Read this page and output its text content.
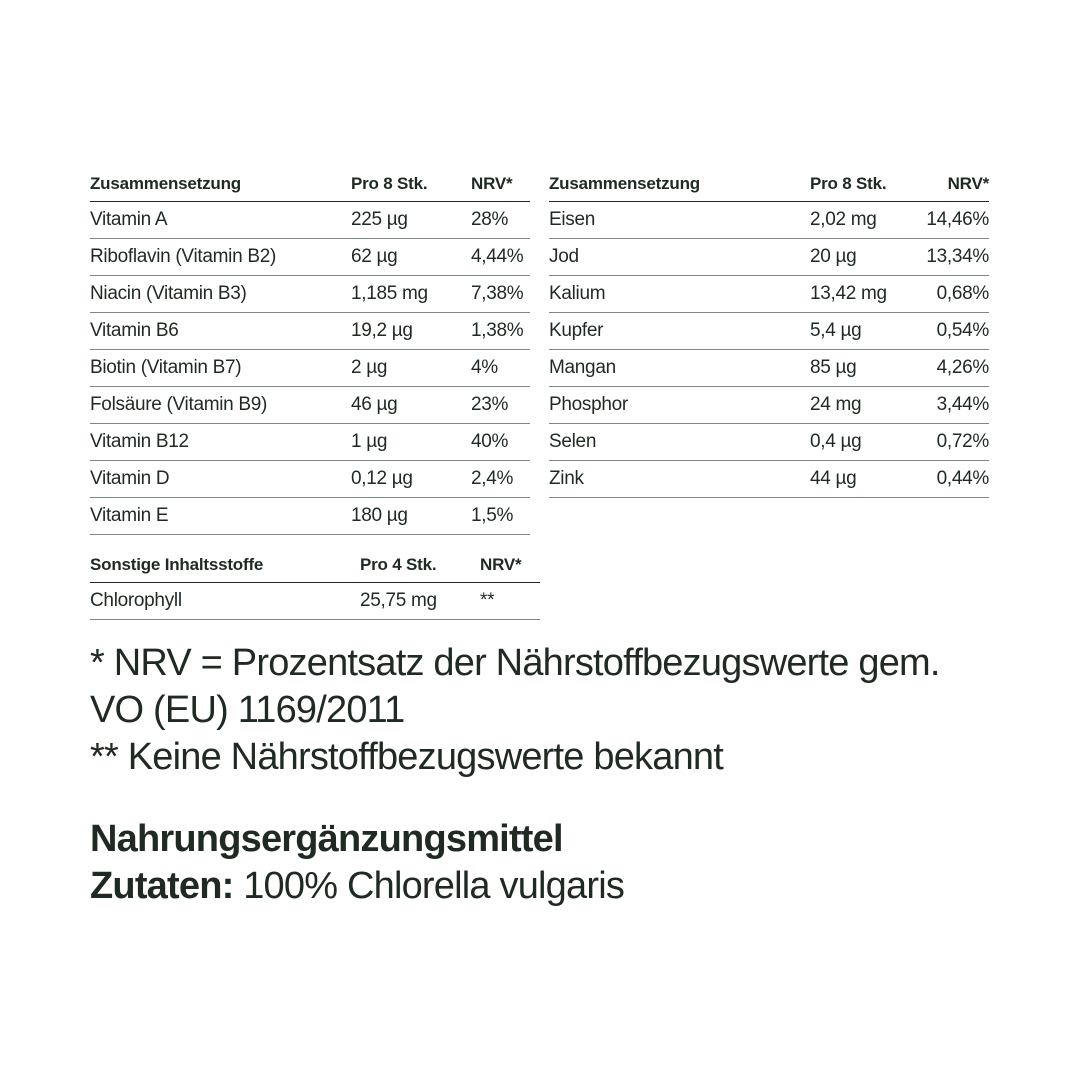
Zusammensetzung	Pro 8 Stk.	NRV*
Vitamin A	225 µg	28%
Riboflavin (Vitamin B2)	62 µg	4,44%
Niacin (Vitamin B3)	1,185 mg	7,38%
Vitamin B6	19,2 µg	1,38%
Biotin (Vitamin B7)	2 µg	4%
Folsäure (Vitamin B9)	46 µg	23%
Vitamin B12	1 µg	40%
Vitamin D	0,12 µg	2,4%
Vitamin E	180 µg	1,5%
Zusammensetzung	Pro 8 Stk.	NRV*
Eisen	2,02 mg	14,46%
Jod	20 µg	13,34%
Kalium	13,42 mg	0,68%
Kupfer	5,4 µg	0,54%
Mangan	85 µg	4,26%
Phosphor	24 mg	3,44%
Selen	0,4 µg	0,72%
Zink	44 µg	0,44%
Sonstige Inhaltsstoffe	Pro 4 Stk.	NRV*
Chlorophyll	25,75 mg	**
* NRV = Prozentsatz der Nährstoffbezugswerte gem.
VO (EU) 1169/2011
** Keine Nährstoffbezugswerte bekannt
Nahrungsergänzungsmittel
Zutaten: 100% Chlorella vulgaris
